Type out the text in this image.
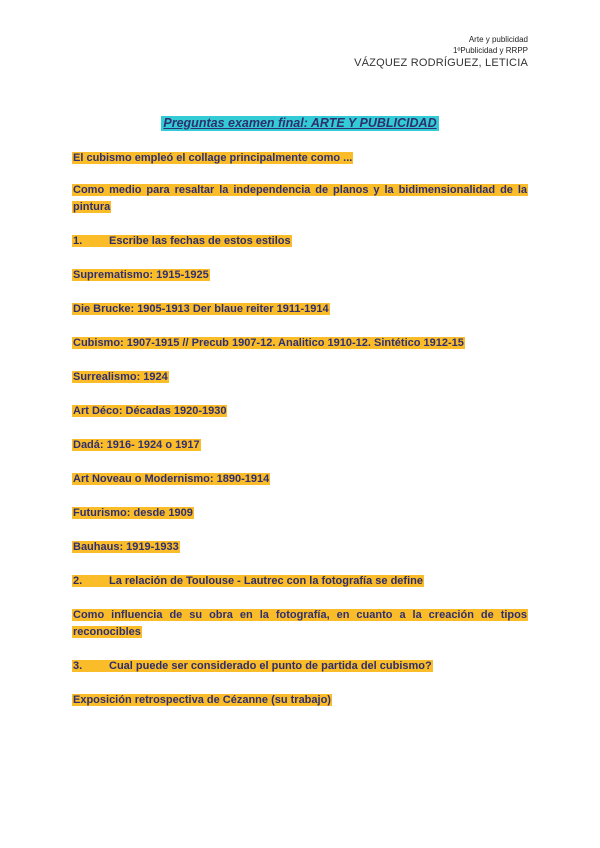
Arte y publicidad
1ºPublicidad y RRPP
VÁZQUEZ RODRÍGUEZ, LETICIA
Preguntas examen final: ARTE Y PUBLICIDAD
El cubismo empleó el collage principalmente como ...
Como medio para resaltar la independencia de planos y la bidimensionalidad de la pintura
1. Escribe las fechas de estos estilos
Suprematismo: 1915-1925
Die Brucke: 1905-1913 Der blaue reiter 1911-1914
Cubismo: 1907-1915 // Precub 1907-12. Analitico 1910-12. Sintético 1912-15
Surrealismo: 1924
Art Déco: Décadas 1920-1930
Dadá: 1916- 1924 o 1917
Art Noveau o Modernismo: 1890-1914
Futurismo: desde 1909
Bauhaus: 1919-1933
2. La relación de Toulouse - Lautrec con la fotografía se define
Como influencia de su obra en la fotografía, en cuanto a la creación de tipos reconocibles
3. Cual puede ser considerado el punto de partida del cubismo?
Exposición retrospectiva de Cézanne (su trabajo)
